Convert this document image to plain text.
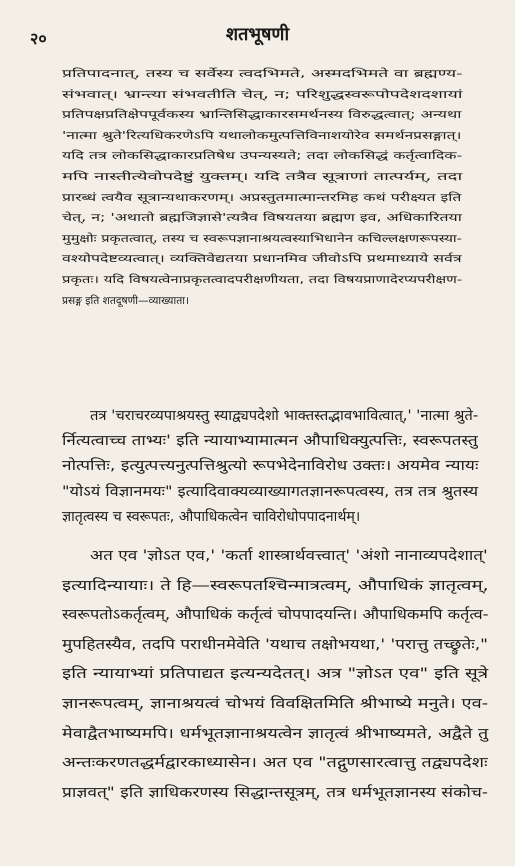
२०	शतभूषणी
प्रतिपादनात्, तस्य च सर्वेस्य त्वदभिमते, अस्मदभिमते वा ब्रह्मण्य-
संभवात्। भ्रान्त्या संभवतीति चेत्, न; परिशुद्धस्वरूपोपदेशदशायां
प्रतिपक्षप्रतिक्षेपपूर्वकस्य भ्रान्तिसिद्धाकारसमर्थनस्य विरुद्धत्वात्; अन्यथा
'नात्मा श्रुते'रित्यधिकरणेऽपि यथालोकमुत्पत्तिविनाशयोरेव समर्थनप्रसङ्गात्।
यदि तत्र लोकसिद्धाकारप्रतिषेध उपन्यस्यते; तदा लोकसिद्धं कर्तृत्वादिक-
मपि नास्तीत्येवोपदेष्टुं युक्तम्। यदि तत्रैव सूत्राणां तात्पर्यम्, तदा
प्रारब्धं त्वयैव सूत्रान्यथाकरणम्। अप्रस्तुतमात्मान्तरमिह कथं परीक्ष्यत इति
चेत्, न; 'अथातो ब्रह्मजिज्ञासे'त्यत्रैव विषयतया ब्रह्मण इव, अधिकारितया
मुमुक्षोः प्रकृतत्वात्, तस्य च स्वरूपज्ञानाश्रयत्वस्याभिधानेन कचिल्लक्षणरूपस्या-
वश्योपदेष्टव्यत्वात्। व्यक्तिवेद्यतया प्रधानमिव जीवोऽपि प्रथमाध्याये सर्वत्र
प्रकृतः। यदि विषयत्वेनाप्रकृतत्वादपरीक्षणीयता, तदा विषयप्राणादेरप्यपरीक्षण-
प्रसङ्ग इति शतदूषणी—व्याख्याता।
तत्र 'चराचरव्यपाश्रयस्तु स्याद्व्यपदेशो भाक्तस्तद्भावभावित्वात्,' 'नात्मा श्रुते-
र्नित्यत्वाच्च ताभ्यः' इति न्यायाभ्यामात्मन औपाधिक्युत्पत्तिः, स्वरूपतस्तु
नोत्पत्तिः, इत्युत्पत्त्यनुत्पत्तिश्रुत्यो रूपभेदेनाविरोध उक्तः। अयमेव न्यायः
"योऽयं विज्ञानमयः" इत्यादिवाक्यव्याख्यागतज्ञानरूपत्वस्य, तत्र तत्र श्रुतस्य
ज्ञातृत्वस्य च स्वरूपतः, औपाधिकत्वेन चाविरोधोपपादनार्थम्।
अत एव 'ज्ञोऽत एव,' 'कर्ता शास्त्रार्थवत्त्वात्' 'अंशो नानाव्यपदेशात्'
इत्यादिन्यायाः। ते हि—स्वरूपतश्चिन्मात्रत्वम्, औपाधिकं ज्ञातृत्वम्,
स्वरूपतोऽकर्तृत्वम्, औपाधिकं कर्तृत्वं चोपपादयन्ति। औपाधिकमपि कर्तृत्व-
मुपहितस्यैव, तदपि पराधीनमेवेति 'यथाच तक्षोभयथा,' 'परात्तु तच्छ्रुतेः,"
इति न्यायाभ्यां प्रतिपाद्यत इत्यन्यदेतत्। अत्र "ज्ञोऽत एव" इति सूत्रे
ज्ञानरूपत्वम्, ज्ञानाश्रयत्वं चोभयं विवक्षितमिति श्रीभाष्ये मनुते। एव-
मेवाद्वैतभाष्यमपि। धर्मभूतज्ञानाश्रयत्वेन ज्ञातृत्वं श्रीभाष्यमते, अद्वैते तु
अन्तःकरणतद्धर्मद्वारकाध्यासेन। अत एव "तद्गुणसारत्वात्तु तद्व्यपदेशः
प्राज्ञवत्" इति ज्ञाधिकरणस्य सिद्धान्तसूत्रम्, तत्र धर्मभूतज्ञानस्य संकोच-
